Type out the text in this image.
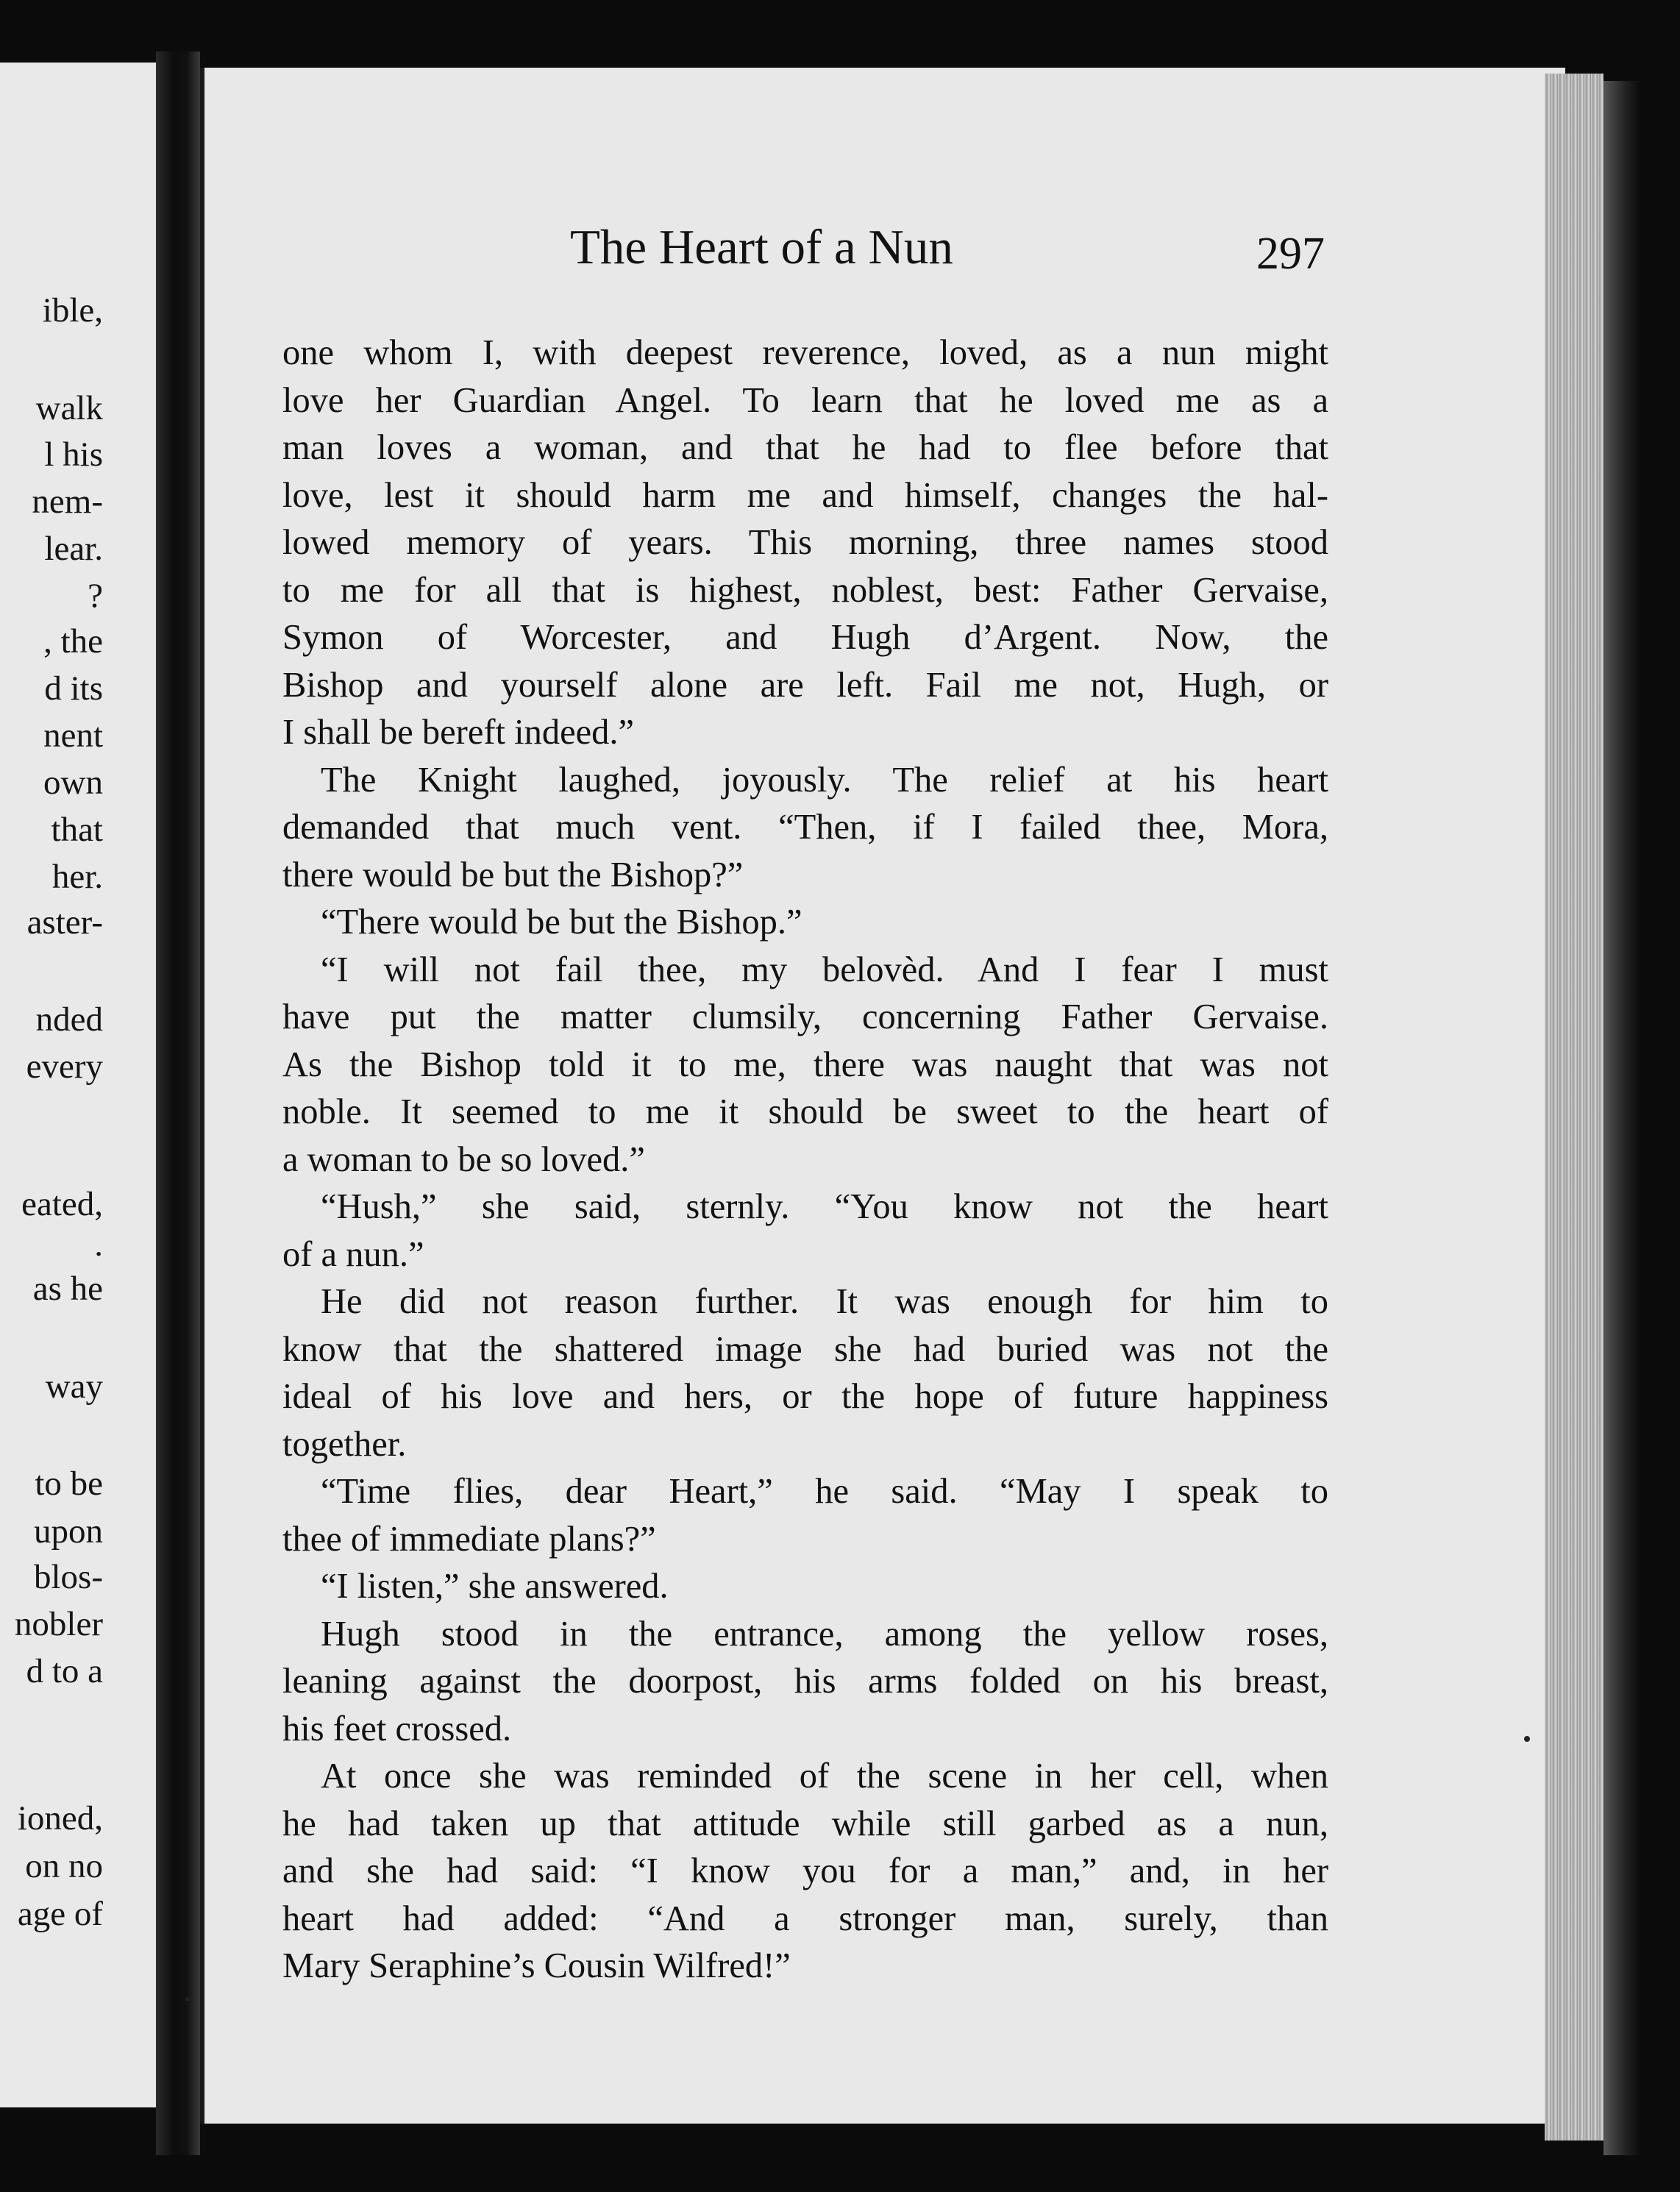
ible,
walk
l his
nem-
lear.
?
, the
d its
nent
own
that
her.
aster-
nded
every
eated,
.
as he
way
to be
upon
blos-
nobler
d to a
ioned,
on no
age of
The Heart of a Nun	297
one whom I, with deepest reverence, loved, as a nun might
love her Guardian Angel. To learn that he loved me as a
man loves a woman, and that he had to flee before that
love, lest it should harm me and himself, changes the hal-
lowed memory of years. This morning, three names stood
to me for all that is highest, noblest, best: Father Gervaise,
Symon of Worcester, and Hugh d’Argent. Now, the
Bishop and yourself alone are left. Fail me not, Hugh, or
I shall be bereft indeed.”
The Knight laughed, joyously. The relief at his heart
demanded that much vent. “Then, if I failed thee, Mora,
there would be but the Bishop?”
“There would be but the Bishop.”
“I will not fail thee, my belovèd. And I fear I must
have put the matter clumsily, concerning Father Gervaise.
As the Bishop told it to me, there was naught that was not
noble. It seemed to me it should be sweet to the heart of
a woman to be so loved.”
“Hush,” she said, sternly. “You know not the heart
of a nun.”
He did not reason further. It was enough for him to
know that the shattered image she had buried was not the
ideal of his love and hers, or the hope of future happiness
together.
“Time flies, dear Heart,” he said. “May I speak to
thee of immediate plans?”
“I listen,” she answered.
Hugh stood in the entrance, among the yellow roses,
leaning against the doorpost, his arms folded on his breast,
his feet crossed.
At once she was reminded of the scene in her cell, when
he had taken up that attitude while still garbed as a nun,
and she had said: “I know you for a man,” and, in her
heart had added: “And a stronger man, surely, than
Mary Seraphine’s Cousin Wilfred!”
